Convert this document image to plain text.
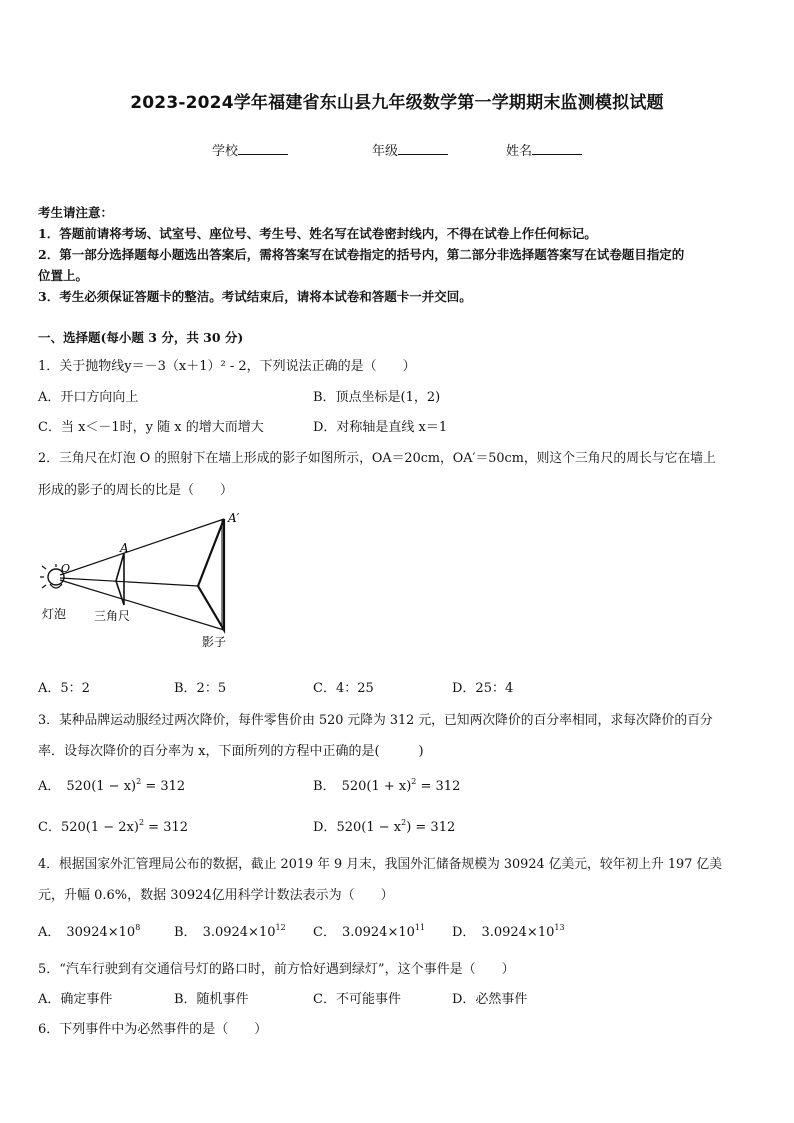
2023-2024学年福建省东山县九年级数学第一学期期末监测模拟试题
学校	年级	姓名
考生请注意：
1．答题前请将考场、试室号、座位号、考生号、姓名写在试卷密封线内，不得在试卷上作任何标记。
2．第一部分选择题每小题选出答案后，需将答案写在试卷指定的括号内，第二部分非选择题答案写在试卷题目指定的
位置上。
3．考生必须保证答题卡的整洁。考试结束后，请将本试卷和答题卡一并交回。
一、选择题(每小题 3 分，共 30 分)
1．关于抛物线y＝－3（x＋1）² - 2，下列说法正确的是（　　）
A．开口方向向上	B．顶点坐标是(1，2)
C．当 x＜－1时，y 随 x 的增大而增大	D．对称轴是直线 x＝1
2．三角尺在灯泡 O 的照射下在墙上形成的影子如图所示，OA＝20cm，OA′＝50cm，则这个三角尺的周长与它在墙上
形成的影子的周长的比是（　　）
O
A
A′
灯泡 三角尺
影子
A．5：2	B．2：5	C．4：25	D．25：4
3．某种品牌运动服经过两次降价，每件零售价由 520 元降为 312 元，已知两次降价的百分率相同，求每次降价的百分
率．设每次降价的百分率为 x，下面所列的方程中正确的是(　　　)
A． $520(1 - x)^2 = 312$	B． $520(1 + x)^2 = 312$
C．$520(1 - 2x)^2 = 312$	D．$520(1 - x^2) = 312$
4．根据国家外汇管理局公布的数据，截止 2019 年 9 月末，我国外汇储备规模为 30924 亿美元，较年初上升 197 亿美
元，升幅 0.6%，数据 30924亿用科学计数法表示为（　　）
A． $30924\times 10^8$	B． $3.0924\times 10^{12}$ C． $3.0924\times 10^{11}$ D． $3.0924\times 10^{13}$
5．“汽车行驶到有交通信号灯的路口时，前方恰好遇到绿灯”，这个事件是（　　）
A．确定事件	B．随机事件	C．不可能事件	D．必然事件
6．下列事件中为必然事件的是（　　）
